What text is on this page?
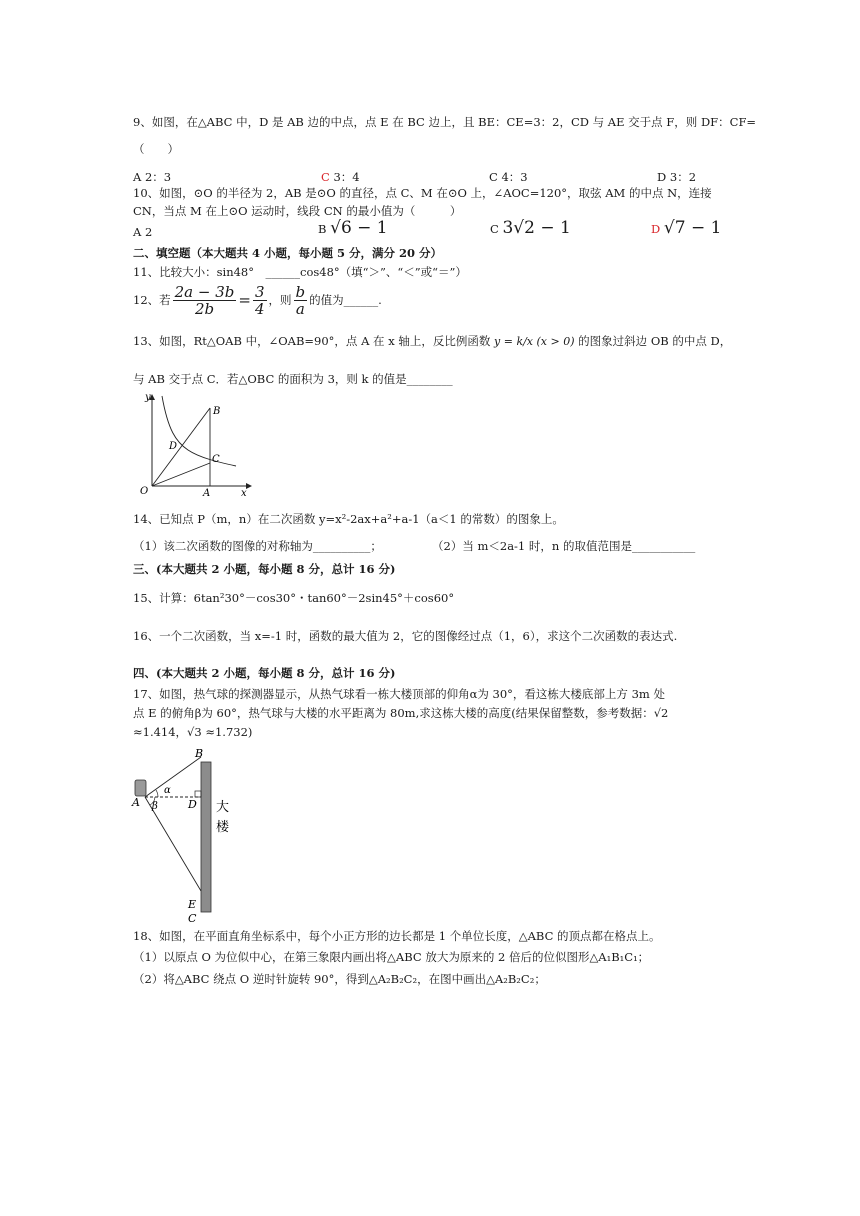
9、如图，在△ABC 中，D 是 AB 边的中点，点 E 在 BC 边上，且 BE：CE=3：2，CD 与 AE 交于点 F，则 DF：CF=
（　　）
A 2：3	C 3：4	C 4：3	D 3：2
10、如图，⊙O 的半径为 2，AB 是⊙O 的直径，点 C、M 在⊙O 上，∠AOC=120°，取弦 AM 的中点 N，连接
CN，当点 M 在上⊙O 运动时，线段 CN 的最小值为（　　　）
A 2	B √6 − 1	C 3√2 − 1	D √7 − 1
二、填空题（本大题共 4 小题，每小题 5 分，满分 20 分）
11、比较大小：sin48°　______cos48°（填“＞”、“＜”或“＝”）
12、若 $\frac{2a - 3b}{2b} = \frac{3}{4}$ ，则 $\frac{b}{a}$ 的值为______.
13、如图，Rt△OAB 中，∠OAB=90°，点 A 在 x 轴上，反比例函数 y = k/x (x > 0) 的图象过斜边 OB 的中点 D，
与 AB 交于点 C．若△OBC 的面积为 3，则 k 的值是________
y
x
O	A
B
C
D
14、已知点 P（m，n）在二次函数 y=x²-2ax+a²+a-1（a＜1 的常数）的图象上。
（1）该二次函数的图像的对称轴为__________；	（2）当 m＜2a-1 时，n 的取值范围是___________
三、(本大题共 2 小题，每小题 8 分，总计 16 分)
15、计算：6tan²30°－cos30°・tan60°－2sin45°＋cos60°
16、一个二次函数，当 x=-1 时，函数的最大值为 2，它的图像经过点（1，6），求这个二次函数的表达式.
四、(本大题共 2 小题，每小题 8 分，总计 16 分)
17、如图，热气球的探测器显示，从热气球看一栋大楼顶部的仰角α为 30°，看这栋大楼底部上方 3m 处
点 E 的俯角β为 60°，热气球与大楼的水平距离为 80m,求这栋大楼的高度(结果保留整数，参考数据：√2
≈1.414，√3 ≈1.732)
A
B
D
E
C
α
β	大
楼
18、如图，在平面直角坐标系中，每个小正方形的边长都是 1 个单位长度，△ABC 的顶点都在格点上。
（1）以原点 O 为位似中心，在第三象限内画出将△ABC 放大为原来的 2 倍后的位似图形△A₁B₁C₁；
（2）将△ABC 绕点 O 逆时针旋转 90°，得到△A₂B₂C₂，在图中画出△A₂B₂C₂；
